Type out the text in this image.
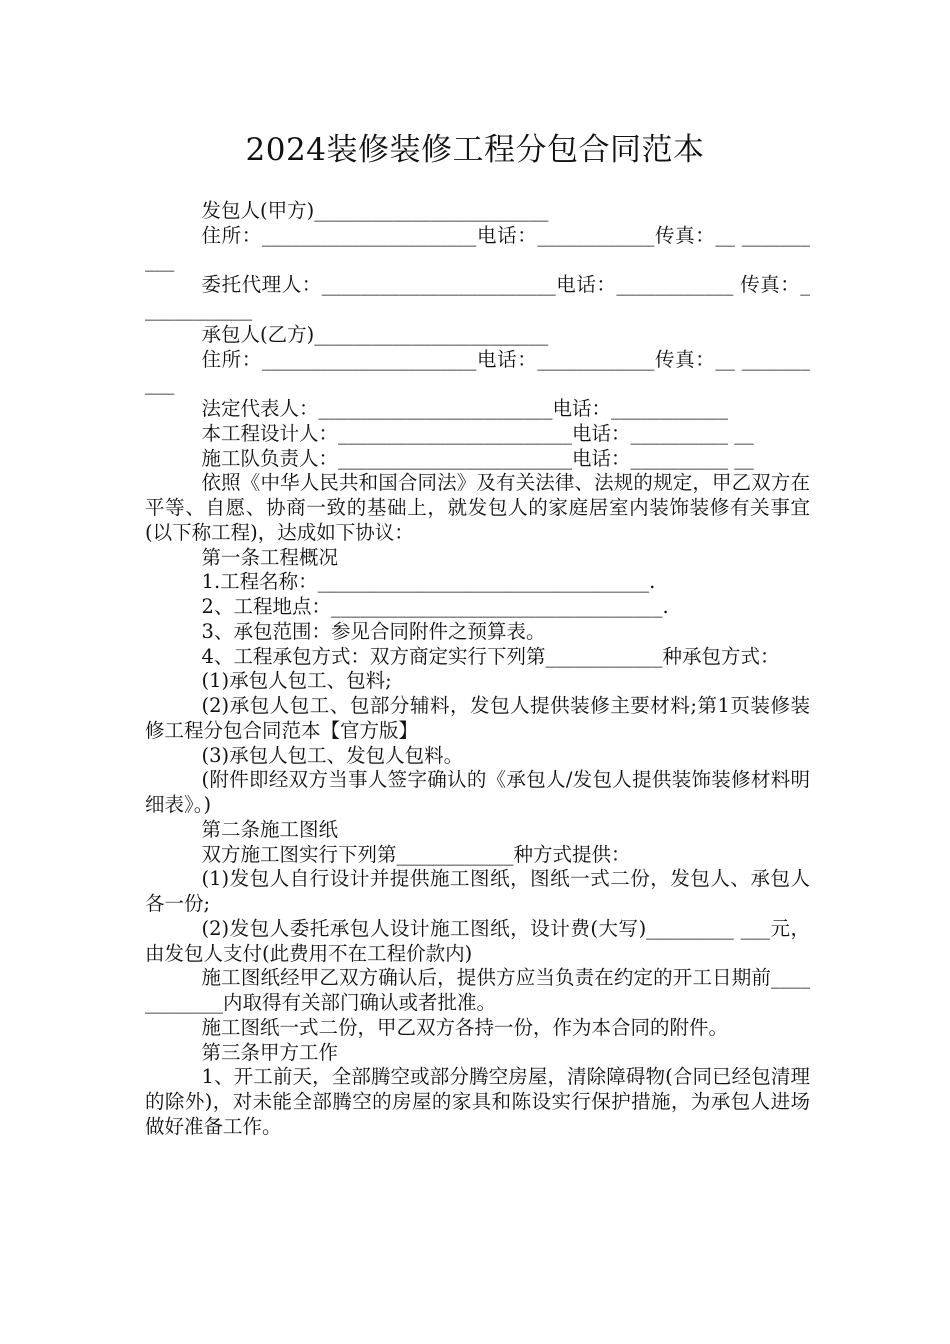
2024装修装修工程分包合同范本

发包人(甲方)________________________

住所：______________________电话：____________传真：__ __________

委托代理人：________________________电话：____________ 传真：____________

承包人(乙方)________________________

住所：______________________电话：____________传真：__ __________

法定代表人：________________________电话：____________

本工程设计人：________________________电话：__________ __

施工队负责人：________________________电话：__________ __

依照《中华人民共和国合同法》及有关法律、法规的规定，甲乙双方在平等、自愿、协商一致的基础上，就发包人的家庭居室内装饰装修有关事宜(以下称工程)，达成如下协议：

第一条工程概况

1.工程名称：__________________________________.

2、工程地点：__________________________________.

3、承包范围：参见合同附件之预算表。

4、工程承包方式：双方商定实行下列第____________种承包方式：

(1)承包人包工、包料;

(2)承包人包工、包部分辅料，发包人提供装修主要材料;第1页装修装修工程分包合同范本【官方版】

(3)承包人包工、发包人包料。

(附件即经双方当事人签字确认的《承包人/发包人提供装饰装修材料明细表》。)

第二条施工图纸

双方施工图实行下列第____________种方式提供：

(1)发包人自行设计并提供施工图纸，图纸一式二份，发包人、承包人各一份;

(2)发包人委托承包人设计施工图纸，设计费(大写)_________ ___元，由发包人支付(此费用不在工程价款内)

施工图纸经甲乙双方确认后，提供方应当负责在约定的开工日期前____________内取得有关部门确认或者批准。

施工图纸一式二份，甲乙双方各持一份，作为本合同的附件。

第三条甲方工作

1、开工前天，全部腾空或部分腾空房屋，清除障碍物(合同已经包清理的除外)，对未能全部腾空的房屋的家具和陈设实行保护措施，为承包人进场做好准备工作。
